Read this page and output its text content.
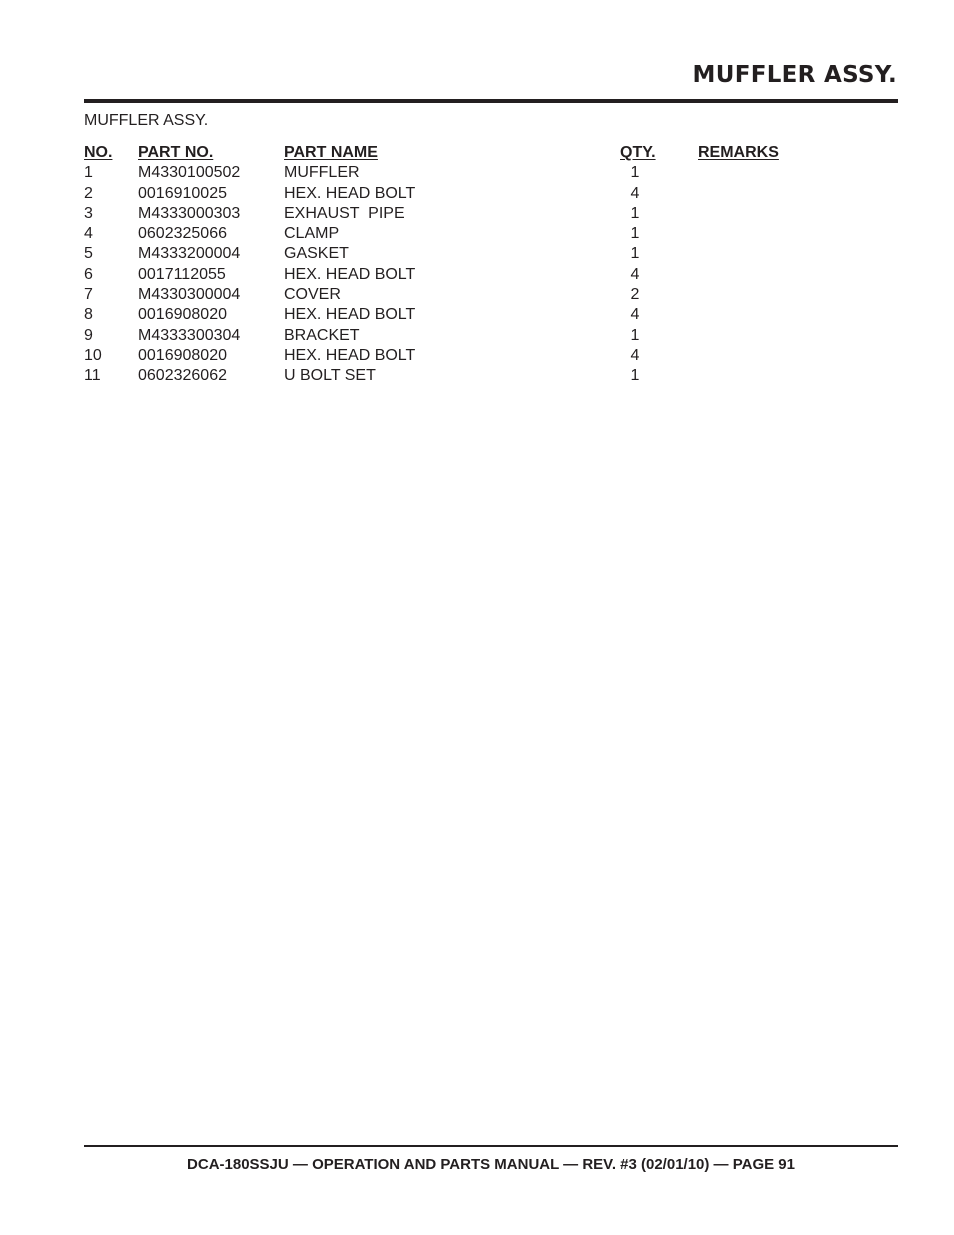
MUFFLER ASSY.
MUFFLER ASSY.
NO. PART NO.	PART NAME	QTY.	REMARKS
1	M4330100502	MUFFLER	1
2	0016910025	HEX. HEAD BOLT	4
3	M4333000303	EXHAUST  PIPE	1
4	0602325066	CLAMP	1
5	M4333200004	GASKET	1
6	0017112055	HEX. HEAD BOLT	4
7	M4330300004	COVER	2
8	0016908020	HEX. HEAD BOLT	4
9	M4333300304	BRACKET	1
10 0016908020	HEX. HEAD BOLT	4
11 0602326062	U BOLT SET	1
DCA-180SSJU — OPERATION AND PARTS MANUAL — REV. #3 (02/01/10) — PAGE 91
